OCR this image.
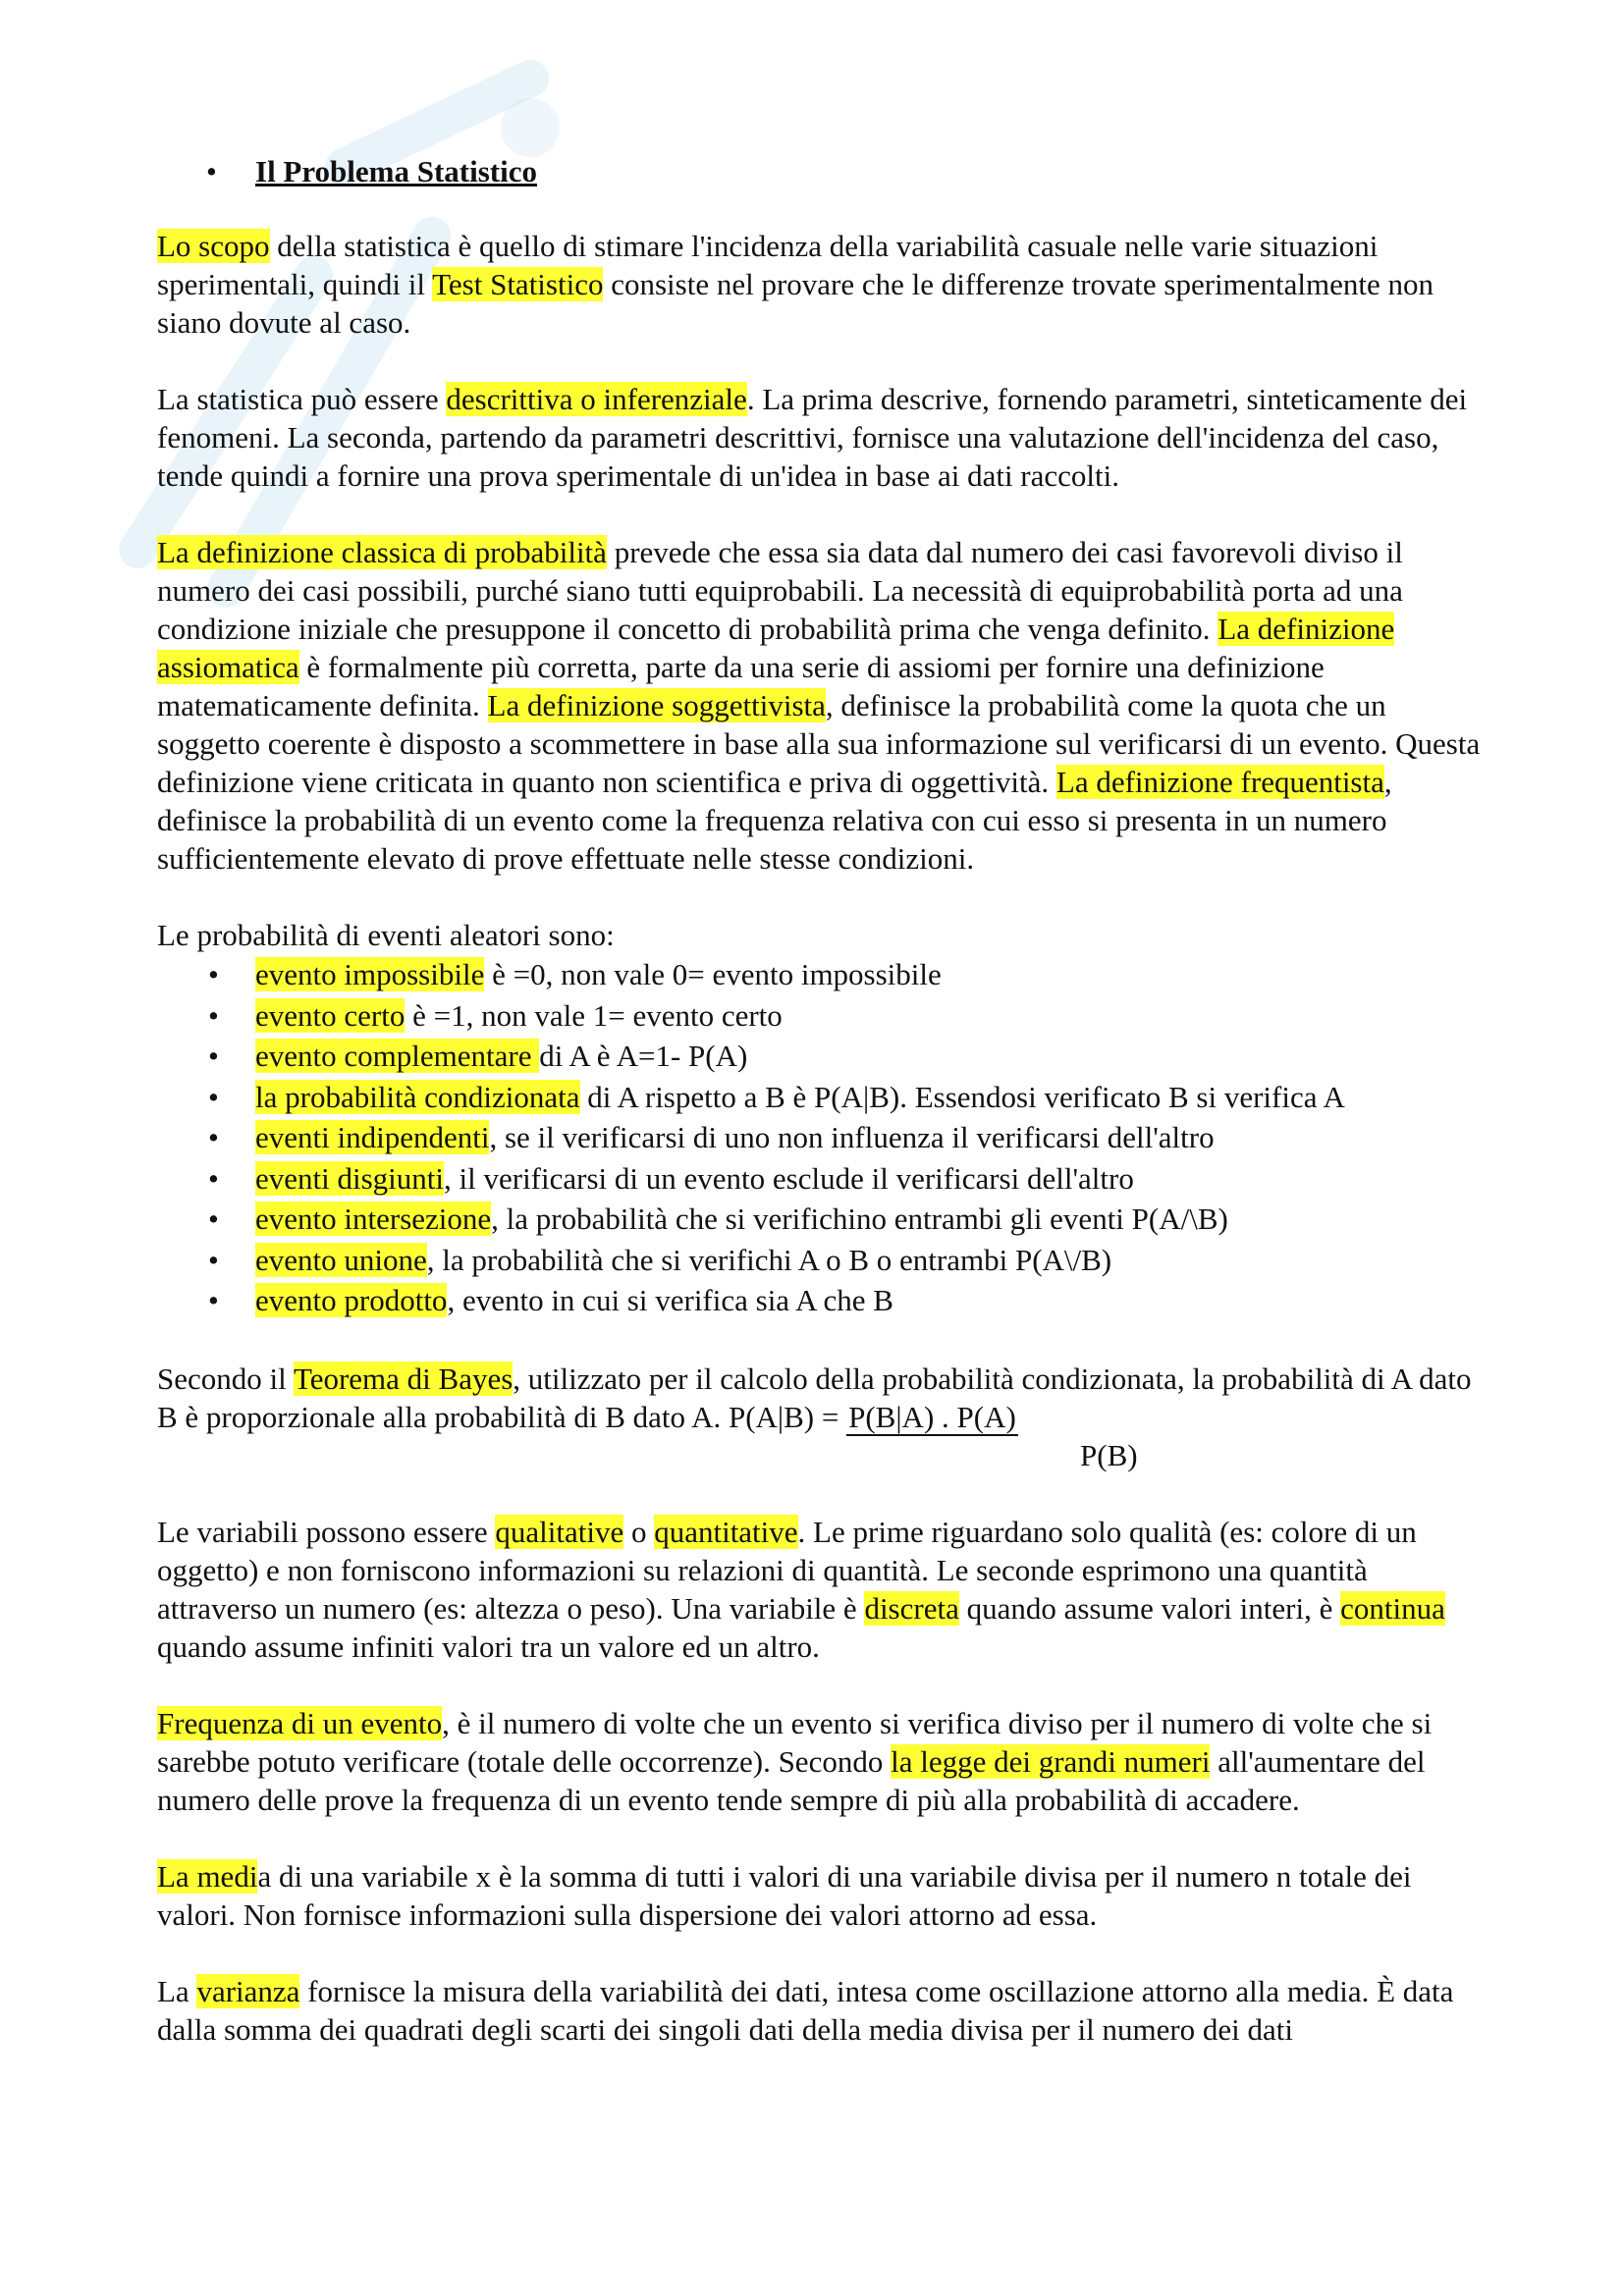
• Il Problema Statistico

Lo scopo della statistica è quello di stimare l'incidenza della variabilità casuale nelle varie situazioni sperimentali, quindi il Test Statistico consiste nel provare che le differenze trovate sperimentalmente non siano dovute al caso.

La statistica può essere descrittiva o inferenziale. La prima descrive, fornendo parametri, sinteticamente dei fenomeni. La seconda, partendo da parametri descrittivi, fornisce una valutazione dell'incidenza del caso, tende quindi a fornire una prova sperimentale di un'idea in base ai dati raccolti.

La definizione classica di probabilità prevede che essa sia data dal numero dei casi favorevoli diviso il numero dei casi possibili, purché siano tutti equiprobabili. La necessità di equiprobabilità porta ad una condizione iniziale che presuppone il concetto di probabilità prima che venga definito. La definizione assiomatica è formalmente più corretta, parte da una serie di assiomi per fornire una definizione matematicamente definita. La definizione soggettivista, definisce la probabilità come la quota che un soggetto coerente è disposto a scommettere in base alla sua informazione sul verificarsi di un evento. Questa definizione viene criticata in quanto non scientifica e priva di oggettività. La definizione frequentista, definisce la probabilità di un evento come la frequenza relativa con cui esso si presenta in un numero sufficientemente elevato di prove effettuate nelle stesse condizioni.

Le probabilità di eventi aleatori sono:

• evento impossibile è =0, non vale 0= evento impossibile
• evento certo è =1, non vale 1= evento certo
• evento complementare di A è A=1- P(A)
• la probabilità condizionata di A rispetto a B è P(A|B). Essendosi verificato B si verifica A
• eventi indipendenti, se il verificarsi di uno non influenza il verificarsi dell'altro
• eventi disgiunti, il verificarsi di un evento esclude il verificarsi dell'altro
• evento intersezione, la probabilità che si verifichino entrambi gli eventi P(A/\B)
• evento unione, la probabilità che si verifichi A o B o entrambi P(A\/B)
• evento prodotto, evento in cui si verifica sia A che B
Secondo il Teorema di Bayes, utilizzato per il calcolo della probabilità condizionata, la probabilità di A dato B è proporzionale alla probabilità di B dato A. P(A|B) = P(B|A) . P(A)
P(B)

Le variabili possono essere qualitative o quantitative. Le prime riguardano solo qualità (es: colore di un oggetto) e non forniscono informazioni su relazioni di quantità. Le seconde esprimono una quantità attraverso un numero (es: altezza o peso). Una variabile è discreta quando assume valori interi, è continua quando assume infiniti valori tra un valore ed un altro.

Frequenza di un evento, è il numero di volte che un evento si verifica diviso per il numero di volte che si sarebbe potuto verificare (totale delle occorrenze). Secondo la legge dei grandi numeri all'aumentare del numero delle prove la frequenza di un evento tende sempre di più alla probabilità di accadere.

La media di una variabile x è la somma di tutti i valori di una variabile divisa per il numero n totale dei valori. Non fornisce informazioni sulla dispersione dei valori attorno ad essa.

La varianza fornisce la misura della variabilità dei dati, intesa come oscillazione attorno alla media. È data dalla somma dei quadrati degli scarti dei singoli dati della media divisa per il numero dei dati
